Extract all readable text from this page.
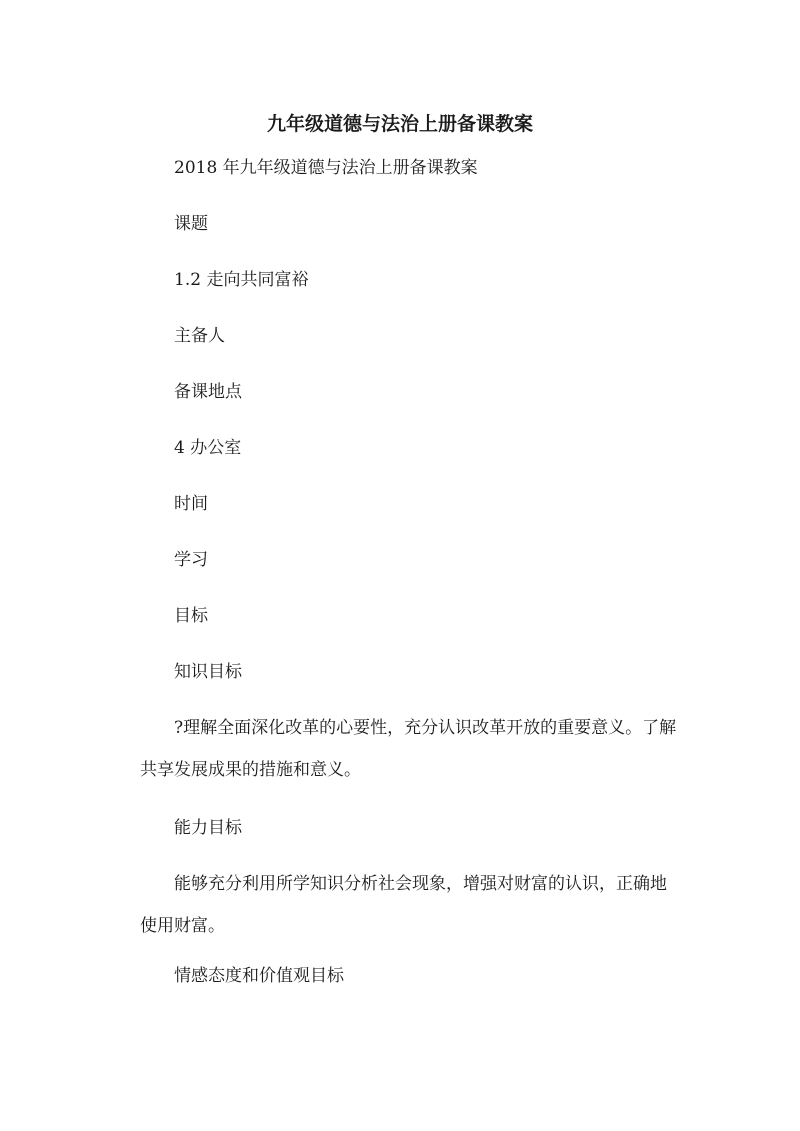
九年级道德与法治上册备课教案
2018 年九年级道德与法治上册备课教案
课题
1.2 走向共同富裕
主备人
备课地点
4 办公室
时间
学习
目标
知识目标
?理解全面深化改革的心要性，充分认识改革开放的重要意义。了解共享发展成果的措施和意义。
能力目标
能够充分利用所学知识分析社会现象，增强对财富的认识，正确地使用财富。
情感态度和价值观目标
